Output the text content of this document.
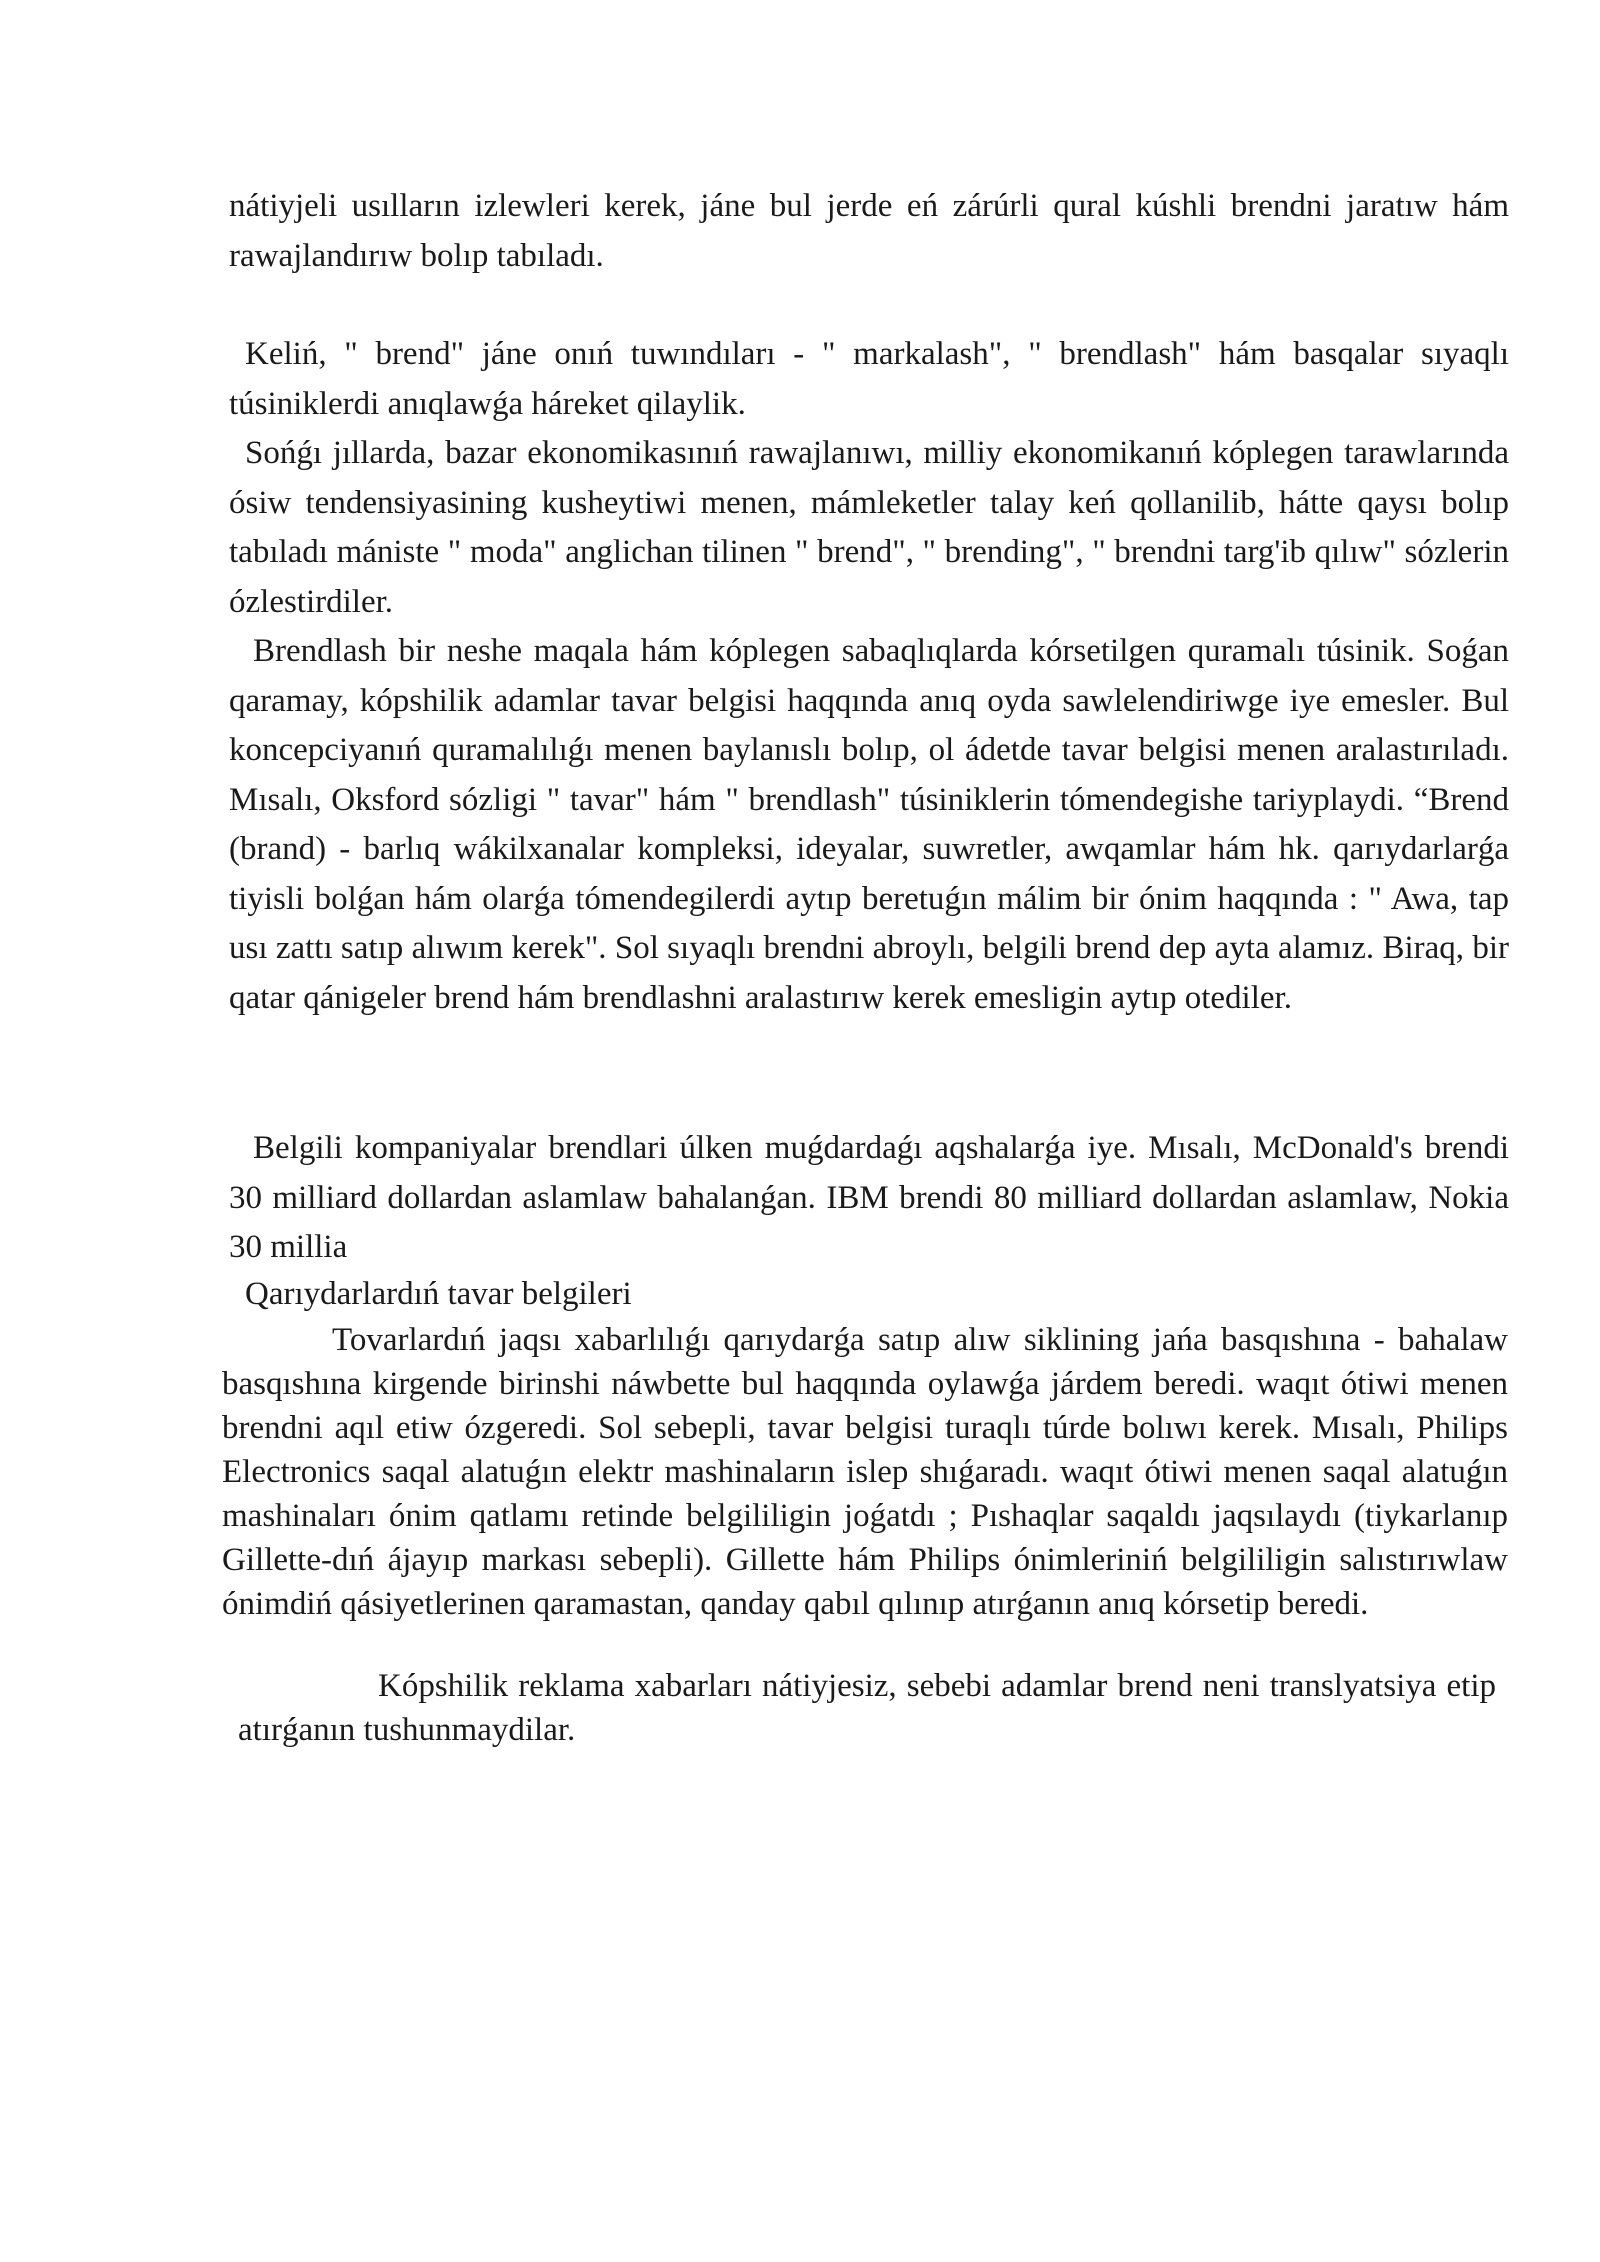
nátiyjeli usılların izlewleri kerek, jáne bul jerde eń zárúrli qural kúshli brendni jaratıw hám rawajlandırıw bolıp tabıladı.

Keliń, " brend" jáne onıń tuwındıları - " markalash", " brendlash" hám basqalar sıyaqlı túsiniklerdi anıqlawǵa háreket qilaylik.

Sońǵı jıllarda, bazar ekonomikasınıń rawajlanıwı, milliy ekonomikanıń kóplegen tarawlarında ósiw tendensiyasining kusheytiwi menen, mámleketler talay keń qollanilib, hátte qaysı bolıp tabıladı mániste " moda" anglichan tilinen " brend", " brending", " brendni targ'ib qılıw" sózlerin ózlestirdiler.

Brendlash bir neshe maqala hám kóplegen sabaqlıqlarda kórsetilgen quramalı túsinik. Soǵan qaramay, kópshilik adamlar tavar belgisi haqqında anıq oyda sawlelendiriwge iye emesler. Bul koncepciyanıń quramalılıǵı menen baylanıslı bolıp, ol ádetde tavar belgisi menen aralastırıladı. Mısalı, Oksford sózligi " tavar" hám " brendlash" túsiniklerin tómendegishe tariyplaydi. “Brend (brand) - barlıq wákilxanalar kompleksi, ideyalar, suwretler, awqamlar hám hk. qarıydarlarǵa tiyisli bolǵan hám olarǵa tómendegilerdi aytıp beretuǵın málim bir ónim haqqında : " Awa, tap usı zattı satıp alıwım kerek". Sol sıyaqlı brendni abroylı, belgili brend dep ayta alamız. Biraq, bir qatar qánigeler brend hám brendlashni aralastırıw kerek emesligin aytıp otediler.

Belgili kompaniyalar brendlari úlken muǵdardaǵı aqshalarǵa iye. Mısalı, McDonald's brendi 30 milliard dollardan aslamlaw bahalanǵan. IBM brendi 80 milliard dollardan aslamlaw, Nokia 30 millia

Qarıydarlardıń tavar belgileri

Tovarlardıń jaqsı xabarlılıǵı qarıydarǵa satıp alıw siklining jańa basqıshına - bahalaw basqıshına kirgende birinshi náwbette bul haqqında oylawǵa járdem beredi. waqıt ótiwi menen brendni aqıl etiw ózgeredi. Sol sebepli, tavar belgisi turaqlı túrde bolıwı kerek. Mısalı, Philips Electronics saqal alatuǵın elektr mashinaların islep shıǵaradı. waqıt ótiwi menen saqal alatuǵın mashinaları ónim qatlamı retinde belgililigin joǵatdı ; Pıshaqlar saqaldı jaqsılaydı (tiykarlanıp Gillette-dıń ájayıp markası sebepli). Gillette hám Philips ónimleriniń belgililigin salıstırıwlaw ónimdiń qásiyetlerinen qaramastan, qanday qabıl qılınıp atırǵanın anıq kórsetip beredi.

Kópshilik reklama xabarları nátiyjesiz, sebebi adamlar brend neni translyatsiya etip atırǵanın tushunmaydilar.
